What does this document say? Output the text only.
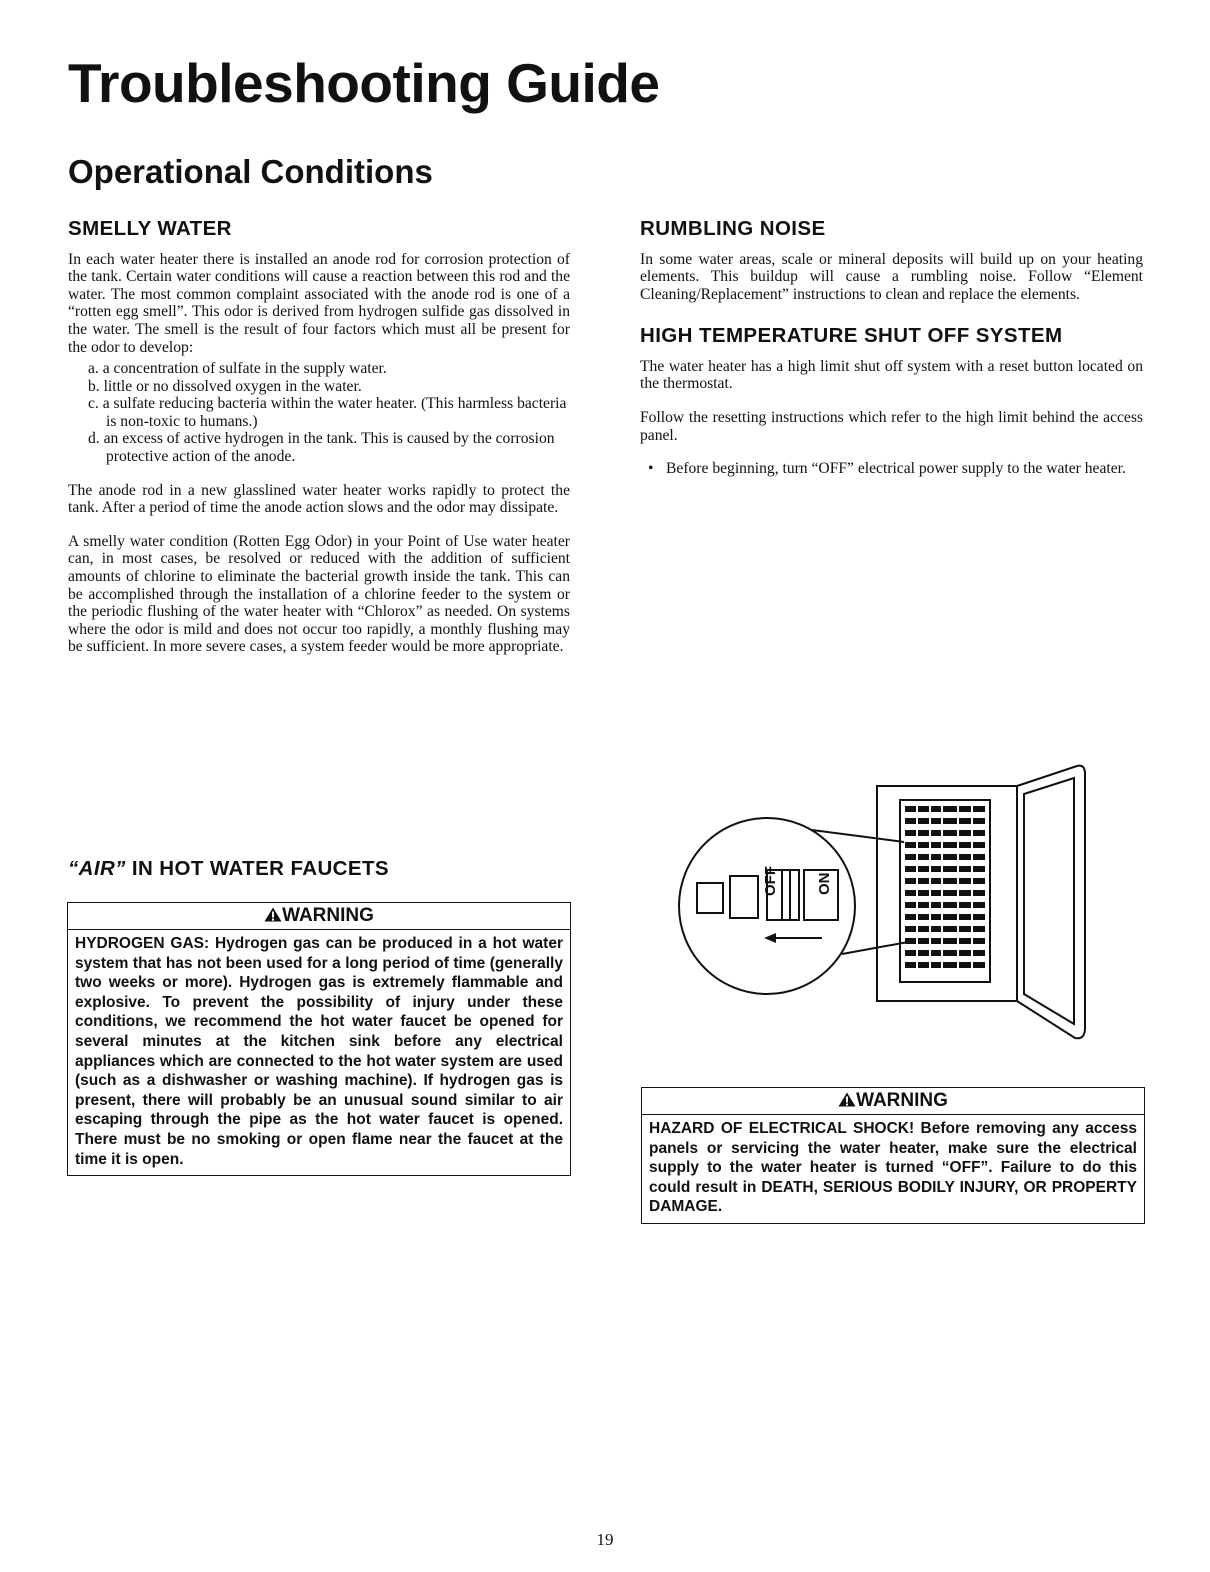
Troubleshooting Guide
Operational Conditions
SMELLY WATER

In each water heater there is installed an anode rod for corrosion protection of the tank. Certain water conditions will cause a reaction between this rod and the water. The most common complaint associated with the anode rod is one of a “rotten egg smell”. This odor is derived from hydrogen sulfide gas dissolved in the water. The smell is the result of four factors which must all be present for the odor to develop:

a. a concentration of sulfate in the supply water.
b. little or no dissolved oxygen in the water.
c. a sulfate reducing bacteria within the water heater. (This harmless bacteria is non-toxic to humans.)
d. an excess of active hydrogen in the tank. This is caused by the corrosion protective action of the anode.

The anode rod in a new glasslined water heater works rapidly to protect the tank. After a period of time the anode action slows and the odor may dissipate.

A smelly water condition (Rotten Egg Odor) in your Point of Use water heater can, in most cases, be resolved or reduced with the addition of sufficient amounts of chlorine to eliminate the bacterial growth inside the tank. This can be accomplished through the installation of a chlorine feeder to the system or the periodic flushing of the water heater with “Chlorox” as needed. On systems where the odor is mild and does not occur too rapidly, a monthly flushing may be sufficient. In more severe cases, a system feeder would be more appropriate.

“AIR” IN HOT WATER FAUCETS
WARNING

HYDROGEN GAS: Hydrogen gas can be produced in a hot water system that has not been used for a long period of time (generally two weeks or more). Hydrogen gas is extremely flammable and explosive. To prevent the possibility of injury under these conditions, we recommend the hot water faucet be opened for several minutes at the kitchen sink before any electrical appliances which are connected to the hot water system are used (such as a dishwasher or washing machine). If hydrogen gas is present, there will probably be an unusual sound similar to air escaping through the pipe as the hot water faucet is opened. There must be no smoking or open flame near the faucet at the time it is open.

RUMBLING NOISE

In some water areas, scale or mineral deposits will build up on your heating elements. This buildup will cause a rumbling noise. Follow “Element Cleaning/Replacement” instructions to clean and replace the elements.

HIGH TEMPERATURE SHUT OFF SYSTEM

The water heater has a high limit shut off system with a reset button located on the thermostat.

Follow the resetting instructions which refer to the high limit behind the access panel.

• Before beginning, turn “OFF” electrical power supply to the water heater.

OFF ON
WARNING

HAZARD OF ELECTRICAL SHOCK! Before removing any access panels or servicing the water heater, make sure the electrical supply to the water heater is turned “OFF”. Failure to do this could result in DEATH, SERIOUS BODILY INJURY, OR PROPERTY DAMAGE.

19
